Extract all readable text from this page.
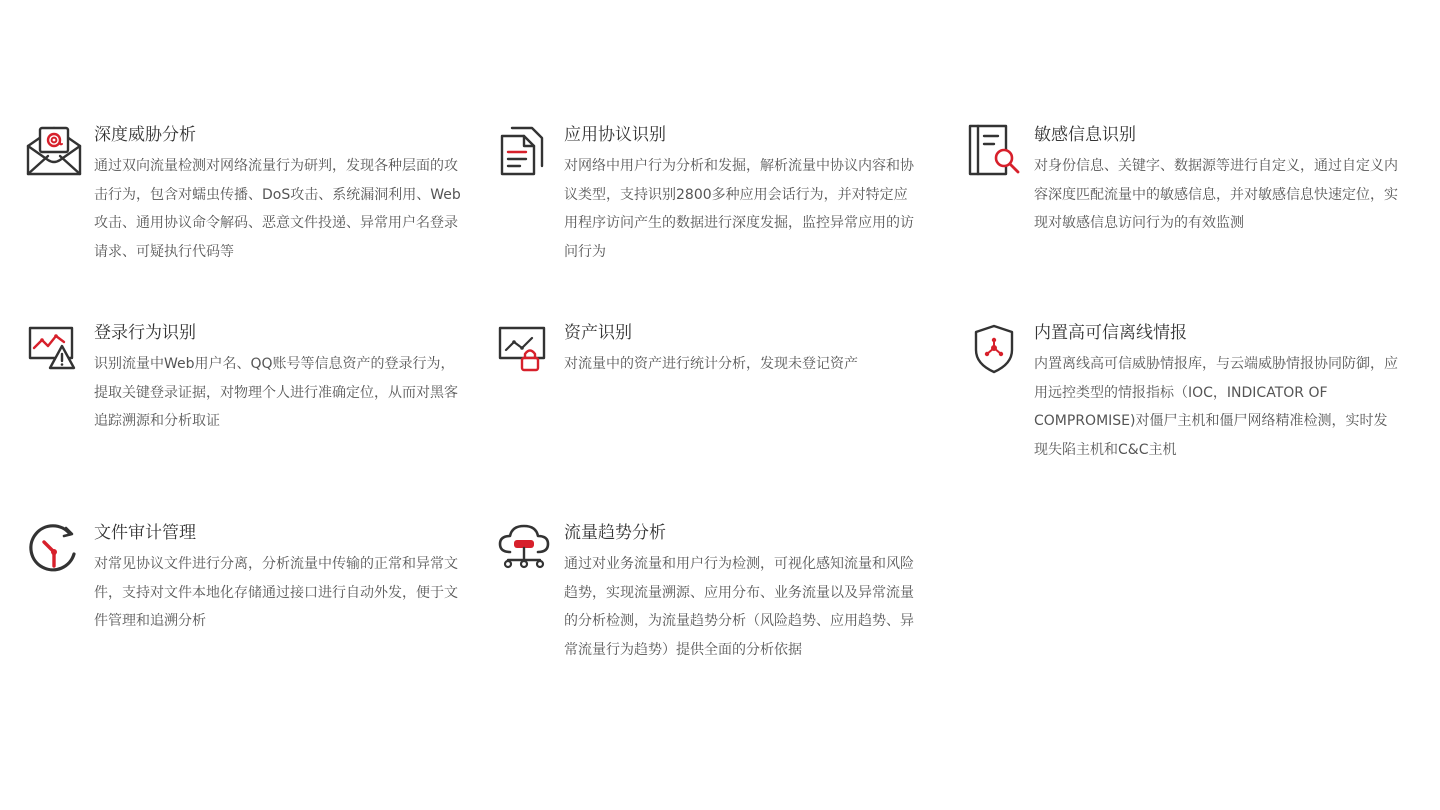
深度威胁分析
通过双向流量检测对网络流量行为研判，发现各种层面的攻击行为，包含对蠕虫传播、DoS攻击、系统漏洞利用、Web攻击、通用协议命令解码、恶意文件投递、异常用户名登录请求、可疑执行代码等
应用协议识别
对网络中用户行为分析和发掘，解析流量中协议内容和协议类型，支持识别2800多种应用会话行为，并对特定应用程序访问产生的数据进行深度发掘，监控异常应用的访问行为
敏感信息识别
对身份信息、关键字、数据源等进行自定义，通过自定义内容深度匹配流量中的敏感信息，并对敏感信息快速定位，实现对敏感信息访问行为的有效监测
登录行为识别
识别流量中Web用户名、QQ账号等信息资产的登录行为，提取关键登录证据，对物理个人进行准确定位，从而对黑客追踪溯源和分析取证
资产识别
对流量中的资产进行统计分析，发现未登记资产
内置高可信离线情报
内置离线高可信威胁情报库，与云端威胁情报协同防御，应用远控类型的情报指标（IOC，INDICATOR OF COMPROMISE)对僵尸主机和僵尸网络精准检测，实时发现失陷主机和C&C主机
文件审计管理
对常见协议文件进行分离，分析流量中传输的正常和异常文件，支持对文件本地化存储通过接口进行自动外发，便于文件管理和追溯分析
流量趋势分析
通过对业务流量和用户行为检测，可视化感知流量和风险趋势，实现流量溯源、应用分布、业务流量以及异常流量的分析检测，为流量趋势分析（风险趋势、应用趋势、异常流量行为趋势）提供全面的分析依据
